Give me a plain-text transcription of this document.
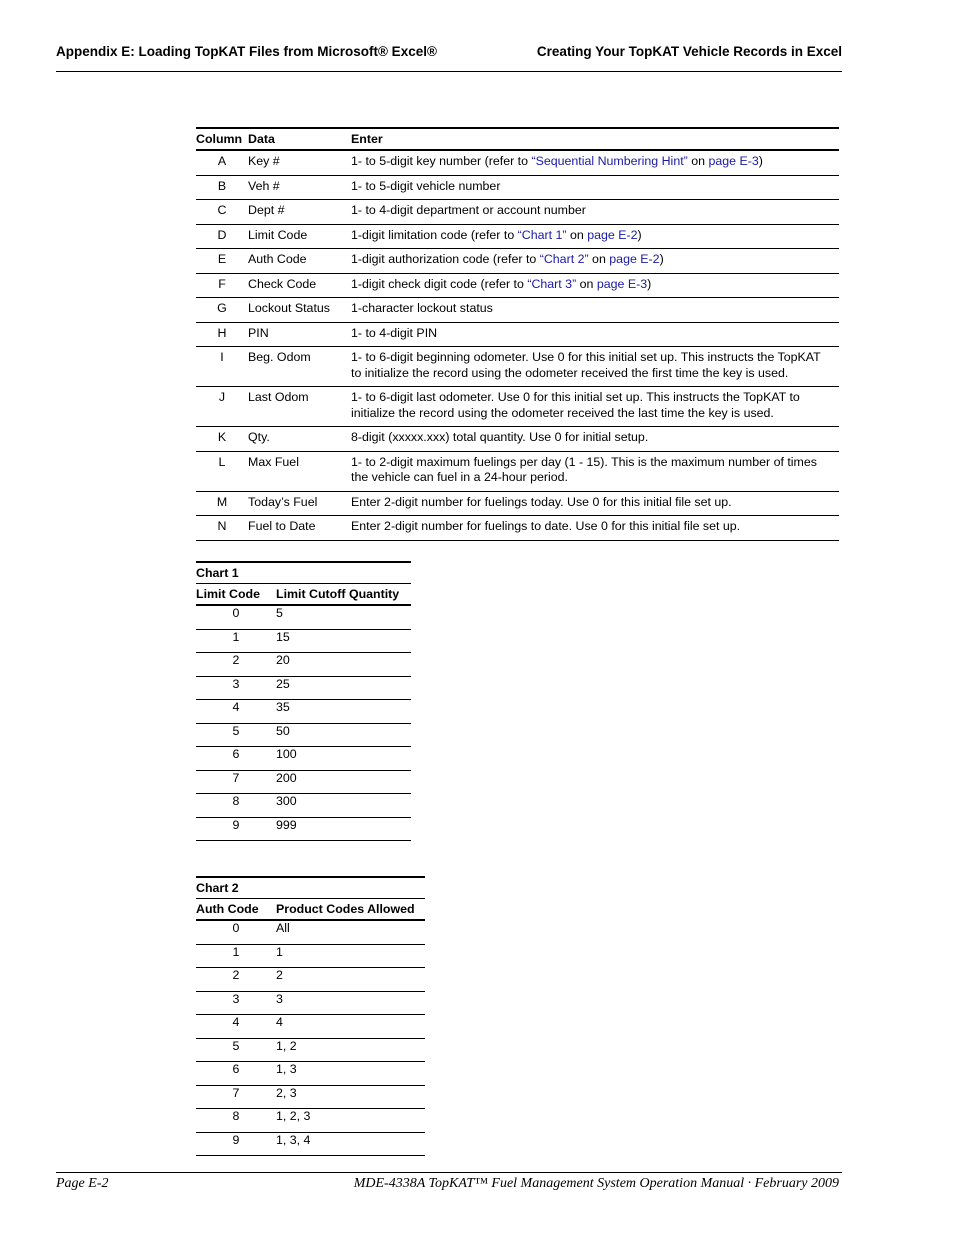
Appendix E: Loading TopKAT Files from Microsoft® Excel®	Creating Your TopKAT Vehicle Records in Excel
Column	Data	Enter
A	Key #	1- to 5-digit key number (refer to “Sequential Numbering Hint” on page E-3)
B	Veh #	1- to 5-digit vehicle number
C	Dept #	1- to 4-digit department or account number
D	Limit Code	1-digit limitation code (refer to “Chart 1” on page E-2)
E	Auth Code	1-digit authorization code (refer to “Chart 2” on page E-2)
F	Check Code	1-digit check digit code (refer to “Chart 3” on page E-3)
G	Lockout Status	1-character lockout status
H	PIN	1- to 4-digit PIN
I	Beg. Odom	1- to 6-digit beginning odometer. Use 0 for this initial set up. This instructs the TopKAT to initialize the record using the odometer received the first time the key is used.
J	Last Odom	1- to 6-digit last odometer. Use 0 for this initial set up. This instructs the TopKAT to initialize the record using the odometer received the last time the key is used.
K	Qty.	8-digit (xxxxx.xxx) total quantity. Use 0 for initial setup.
L	Max Fuel	1- to 2-digit maximum fuelings per day (1 - 15). This is the maximum number of times the vehicle can fuel in a 24-hour period.
M	Today’s Fuel	Enter 2-digit number for fuelings today. Use 0 for this initial file set up.
N	Fuel to Date	Enter 2-digit number for fuelings to date. Use 0 for this initial file set up.
Chart 1	
Limit Code	Limit Cutoff Quantity
0	5
1	15
2	20
3	25
4	35
5	50
6	100
7	200
8	300
9	999
Chart 2	
Auth Code	Product Codes Allowed
0	All
1	1
2	2
3	3
4	4
5	1, 2
6	1, 3
7	2, 3
8	1, 2, 3
9	1, 3, 4
Page E-2	MDE-4338A TopKAT™ Fuel Management System Operation Manual · February 2009
